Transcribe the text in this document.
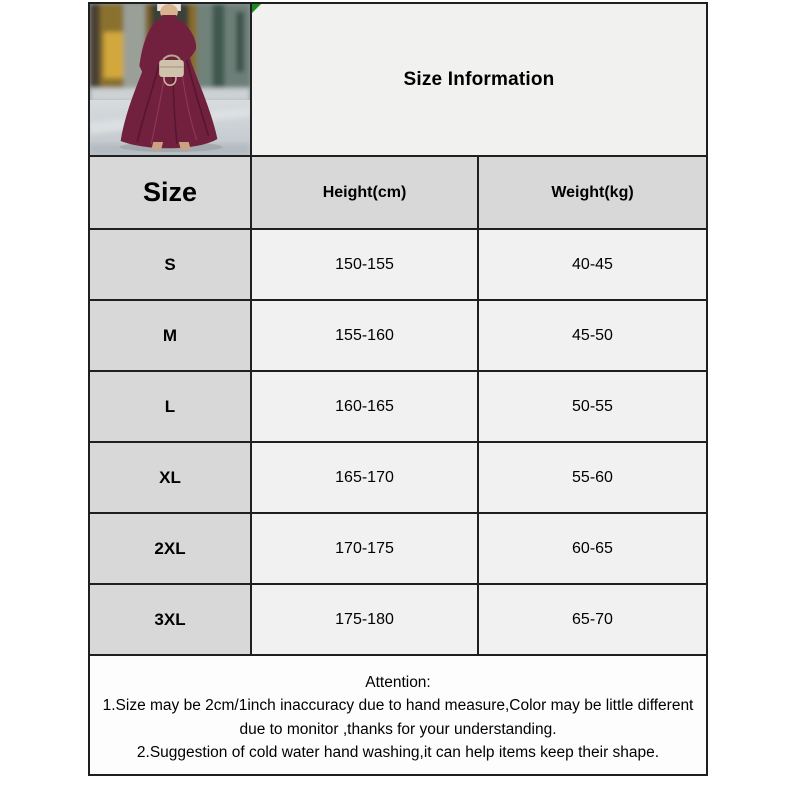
Size Information	
Size	Height(cm)	Weight(kg)
S	150-155	40-45
M	155-160	45-50
L	160-165	50-55
XL	165-170	55-60
2XL	170-175	60-65
3XL	175-180	65-70

Attention:

1.Size may be 2cm/1inch inaccuracy due to hand measure,Color may be little different due to monitor ,thanks for your understanding.

2.Suggestion of cold water hand washing,it can help items keep their shape.		
